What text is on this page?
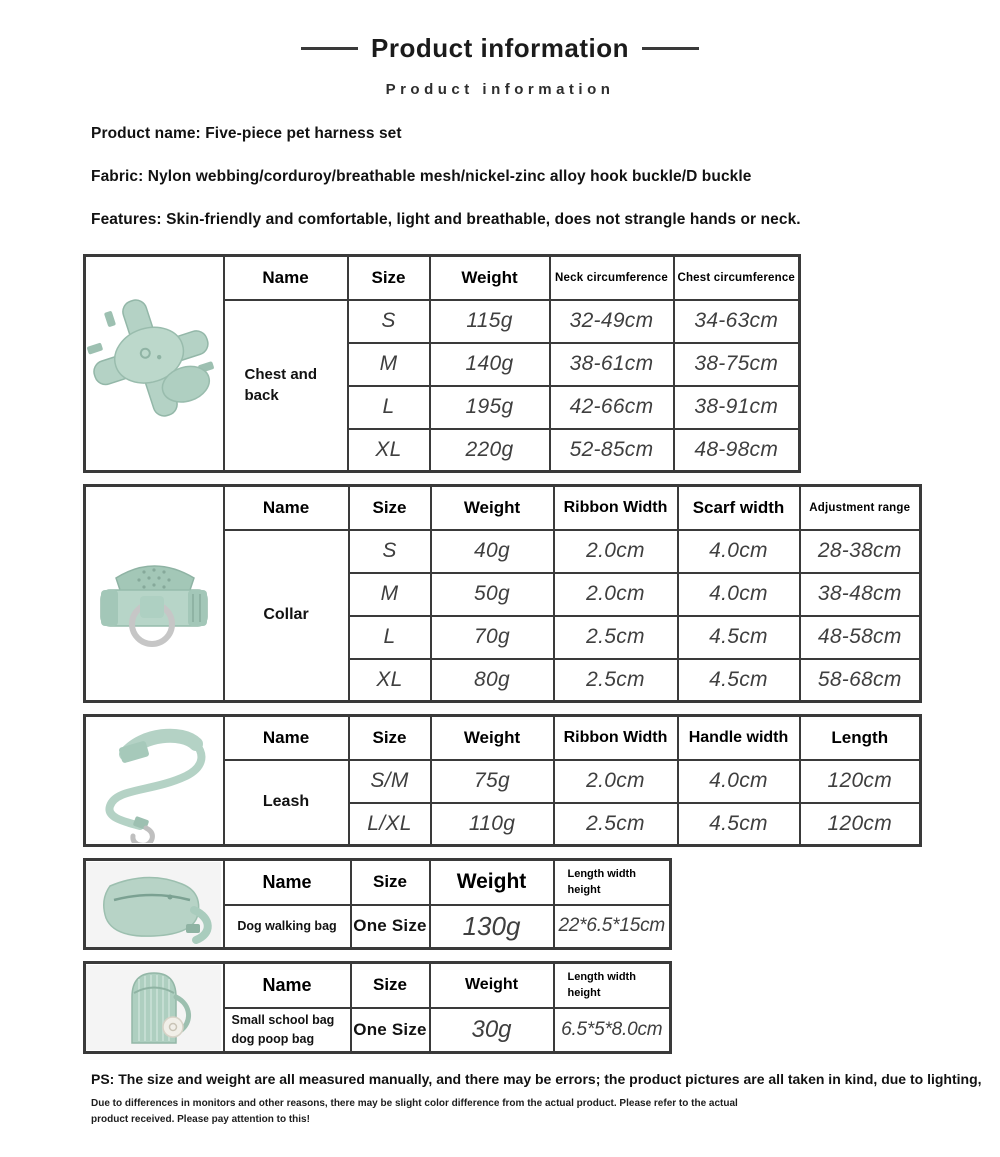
Product information
Product information

Product name: Five-piece pet harness set

Fabric: Nylon webbing/corduroy/breathable mesh/nickel-zinc alloy hook buckle/D buckle

Features: Skin-friendly and comfortable, light and breathable, does not strangle hands or neck.

	Name	Size	Weight	Neck circumference	Chest circumference
	Chest and back	S	115g	32-49cm	34-63cm
		M	140g	38-61cm	38-75cm
		L	195g	42-66cm	38-91cm
		XL	220g	52-85cm	48-98cm
	Name	Size	Weight	Ribbon Width	Scarf width	Adjustment range
	Collar	S	40g	2.0cm	4.0cm	28-38cm
		M	50g	2.0cm	4.0cm	38-48cm
		L	70g	2.5cm	4.5cm	48-58cm
		XL	80g	2.5cm	4.5cm	58-68cm
	Name	Size	Weight	Ribbon Width	Handle width	Length
	Leash	S/M	75g	2.0cm	4.0cm	120cm
		L/XL	110g	2.5cm	4.5cm	120cm
	Name	Size	Weight	Length width height
	Dog walking bag	One Size	130g	22*6.5*15cm
	Name	Size	Weight	Length width height
	Small school bag dog poop bag	One Size	30g	6.5*5*8.0cm

PS: The size and weight are all measured manually, and there may be errors; the product pictures are all taken in kind, due to lighting,

Due to differences in monitors and other reasons, there may be slight color difference from the actual product. Please refer to the actual product received. Please pay attention to this!
